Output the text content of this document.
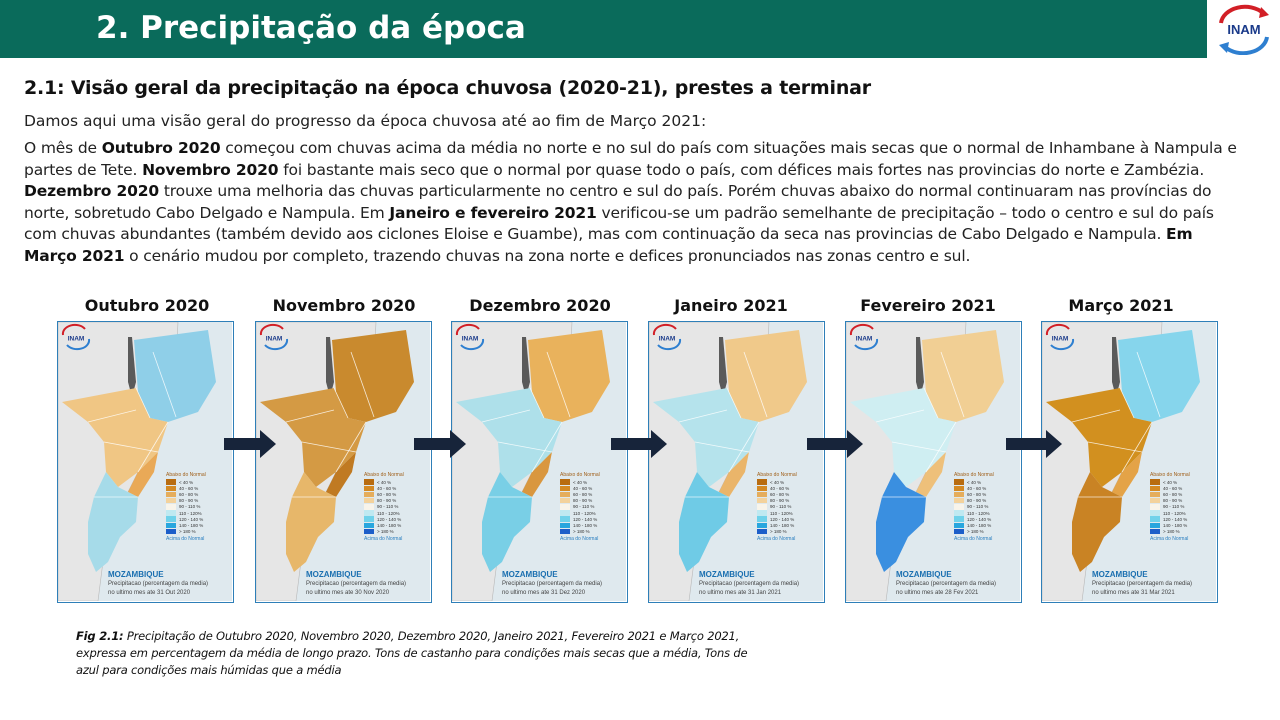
2. Precipitação da época	INAM
2.1: Visão geral da precipitação na época chuvosa (2020-21), prestes a terminar
Damos aqui uma visão geral do progresso da época chuvosa até ao fim de Março 2021:
O mês de Outubro 2020 começou com chuvas acima da média no norte e no sul do país com situações mais secas que o normal de Inhambane à Nampula e partes de Tete. Novembro 2020 foi bastante mais seco que o normal por quase todo o país, com défices mais fortes nas provincias do norte e Zambézia. Dezembro 2020 trouxe uma melhoria das chuvas particularmente no centro e sul do país. Porém chuvas abaixo do normal continuaram nas províncias do norte, sobretudo Cabo Delgado e Nampula. Em Janeiro e fevereiro 2021 verificou-se um padrão semelhante de precipitação – todo o centro e sul do país com chuvas abundantes (também devido aos ciclones Eloise e Guambe), mas com continuação da seca nas provincias de Cabo Delgado e Nampula. Em Março 2021 o cenário mudou por completo, trazendo chuvas na zona norte e defices pronunciados nas zonas centro e sul.
Outubro 2020	Novembro 2020	Dezembro 2020	Janeiro 2021	Fevereiro 2021	Março 2021
INAM
Abaixo do Normal
< 40 %
40 - 60 %
60 - 80 %
80 - 90 %
90 - 110 %
110 - 120%
120 - 140 %
140 - 180 %
> 180 %
Acima do Normal
MOZAMBIQUE
Precipitacao (percentagem da media)
no ultimo mes ate 31 Out 2020
INAM
Abaixo do Normal
< 40 %
40 - 60 %
60 - 80 %
80 - 90 %
90 - 110 %
110 - 120%
120 - 140 %
140 - 180 %
> 180 %
Acima do Normal
MOZAMBIQUE
Precipitacao (percentagem da media)
no ultimo mes ate 30 Nov 2020
INAM
Abaixo do Normal
< 40 %
40 - 60 %
60 - 80 %
80 - 90 %
90 - 110 %
110 - 120%
120 - 140 %
140 - 180 %
> 180 %
Acima do Normal
MOZAMBIQUE
Precipitacao (percentagem da media)
no ultimo mes ate 31 Dez 2020
INAM
Abaixo do Normal
< 40 %
40 - 60 %
60 - 80 %
80 - 90 %
90 - 110 %
110 - 120%
120 - 140 %
140 - 180 %
> 180 %
Acima do Normal
MOZAMBIQUE
Precipitacao (percentagem da media)
no ultimo mes ate 31 Jan 2021
INAM
Abaixo do Normal
< 40 %
40 - 60 %
60 - 80 %
80 - 90 %
90 - 110 %
110 - 120%
120 - 140 %
140 - 180 %
> 180 %
Acima do Normal
MOZAMBIQUE
Precipitacao (percentagem da media)
no ultimo mes ate 28 Fev 2021
INAM
Abaixo do Normal
< 40 %
40 - 60 %
60 - 80 %
80 - 90 %
90 - 110 %
110 - 120%
120 - 140 %
140 - 180 %
> 180 %
Acima do Normal
MOZAMBIQUE
Precipitacao (percentagem da media)
no ultimo mes ate 31 Mar 2021
Fig 2.1: Precipitação de Outubro 2020, Novembro 2020, Dezembro 2020, Janeiro 2021, Fevereiro 2021 e Março 2021, expressa em percentagem da média de longo prazo. Tons de castanho para condições mais secas que a média, Tons de azul para condições mais húmidas que a média
